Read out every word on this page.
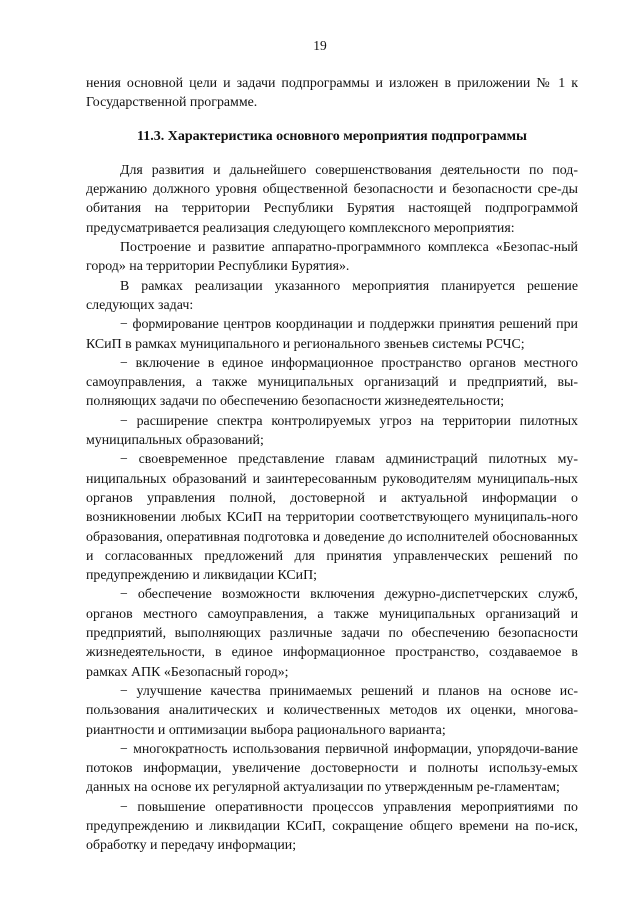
19

нения основной цели и задачи подпрограммы и изложен в приложении № 1 к Государственной программе.

11.3. Характеристика основного мероприятия подпрограммы

Для развития и дальнейшего совершенствования деятельности по под-держанию должного уровня общественной безопасности и безопасности сре-ды обитания на территории Республики Бурятия настоящей подпрограммой предусматривается реализация следующего комплексного мероприятия:

Построение и развитие аппаратно-программного комплекса «Безопас-ный город» на территории Республики Бурятия».

В рамках реализации указанного мероприятия планируется решение следующих задач:

− формирование центров координации и поддержки принятия решений при КСиП в рамках муниципального и регионального звеньев системы РСЧС;

− включение в единое информационное пространство органов местного самоуправления, а также муниципальных организаций и предприятий, вы-полняющих задачи по обеспечению безопасности жизнедеятельности;

− расширение спектра контролируемых угроз на территории пилотных муниципальных образований;

− своевременное представление главам администраций пилотных му-ниципальных образований и заинтересованным руководителям муниципаль-ных органов управления полной, достоверной и актуальной информации о возникновении любых КСиП на территории соответствующего муниципаль-ного образования, оперативная подготовка и доведение до исполнителей обоснованных и согласованных предложений для принятия управленческих решений по предупреждению и ликвидации КСиП;

− обеспечение возможности включения дежурно-диспетчерских служб, органов местного самоуправления, а также муниципальных организаций и предприятий, выполняющих различные задачи по обеспечению безопасности жизнедеятельности, в единое информационное пространство, создаваемое в рамках АПК «Безопасный город»;

− улучшение качества принимаемых решений и планов на основе ис-пользования аналитических и количественных методов их оценки, многова-риантности и оптимизации выбора рационального варианта;

− многократность использования первичной информации, упорядочи-вание потоков информации, увеличение достоверности и полноты использу-емых данных на основе их регулярной актуализации по утвержденным ре-гламентам;

− повышение оперативности процессов управления мероприятиями по предупреждению и ликвидации КСиП, сокращение общего времени на по-иск, обработку и передачу информации;
